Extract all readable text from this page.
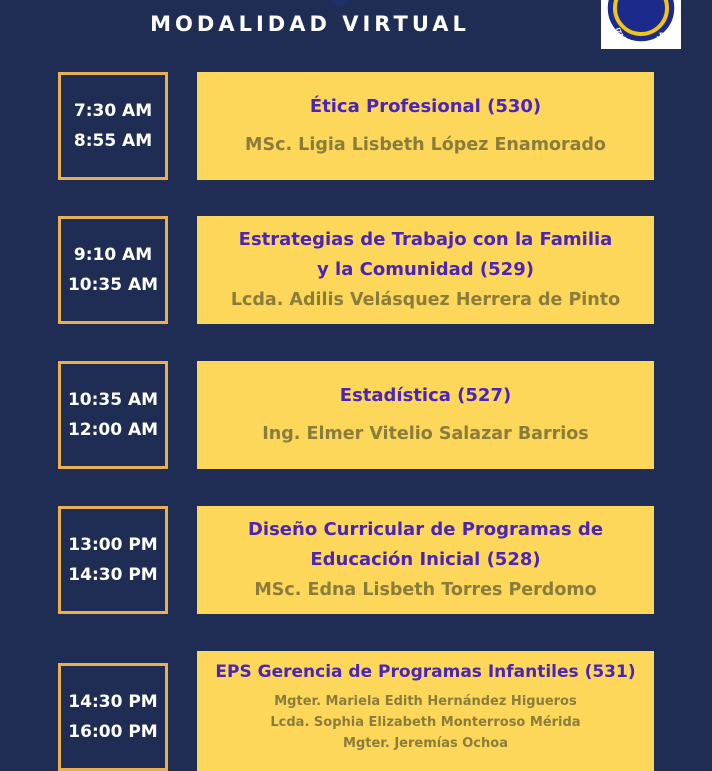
MODALIDAD VIRTUAL	IZAC · GUATEMALA
7:30 AM
8:55 AM
Ética Profesional (530)
MSc. Ligia Lisbeth López Enamorado
9:10 AM
10:35 AM
Estrategias de Trabajo con la Familia
y la Comunidad (529)
Lcda. Adilis Velásquez Herrera de Pinto
10:35 AM
12:00 AM
Estadística (527)
Ing. Elmer Vitelio Salazar Barrios
13:00 PM
14:30 PM
Diseño Curricular de Programas de
Educación Inicial (528)
MSc. Edna Lisbeth Torres Perdomo
14:30 PM
16:00 PM
EPS Gerencia de Programas Infantiles (531)
Mgter. Mariela Edith Hernández Higueros
Lcda. Sophia Elizabeth Monterroso Mérida
Mgter. Jeremías Ochoa
